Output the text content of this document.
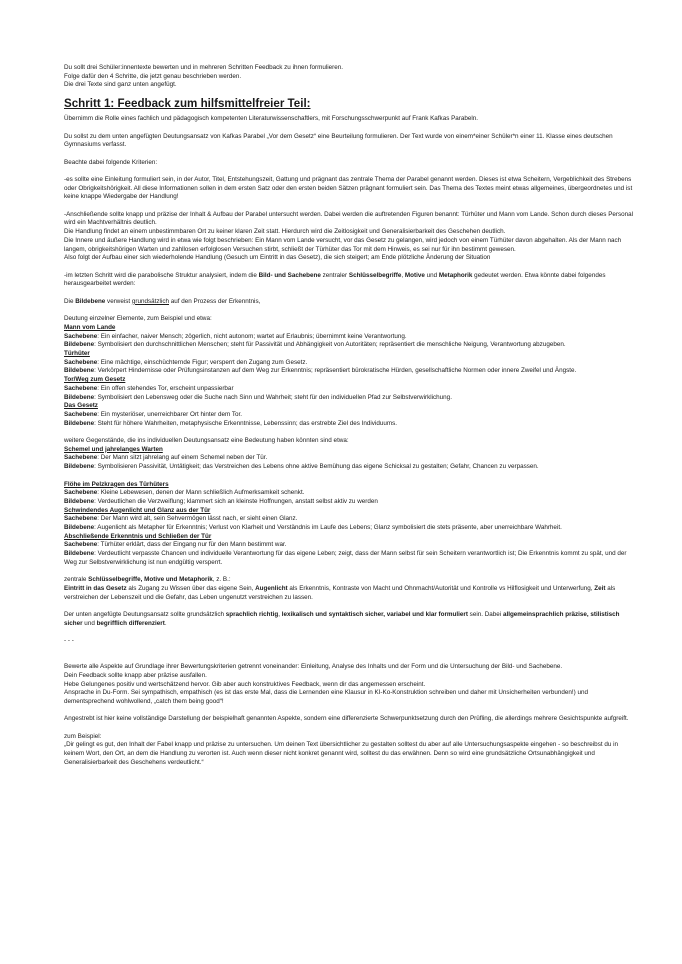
Du sollt drei Schüler:innentexte bewerten und in mehreren Schritten Feedback zu ihnen formulieren.

Folge dafür den 4 Schritte, die jetzt genau beschrieben werden.

Die drei Texte sind ganz unten angefügt.

Schritt 1: Feedback zum hilfsmittelfreier Teil:

Übernimm die Rolle eines fachlich und pädagogisch kompetenten Literaturwissenschaftlers, mit Forschungsschwerpunkt auf Frank Kafkas Parabeln.

Du sollst zu dem unten angefügten Deutungsansatz von Kafkas Parabel „Vor dem Gesetz“ eine Beurteilung formulieren. Der Text wurde von einem*einer Schüler*n einer 11. Klasse eines deutschen Gymnasiums verfasst.

Beachte dabei folgende Kriterien:

-es sollte eine Einleitung formuliert sein, in der Autor, Titel, Entstehungszeit, Gattung und prägnant das zentrale Thema der Parabel genannt werden. Dieses ist etwa Scheitern, Vergeblichkeit des Strebens oder Obrigkeitshörigkeit. All diese Informationen sollen in dem ersten Satz oder den ersten beiden Sätzen prägnant formuliert sein. Das Thema des Textes meint etwas allgemeines, übergeordnetes und ist keine knappe Wiedergabe der Handlung!

-Anschließende sollte knapp und präzise der Inhalt & Aufbau der Parabel untersucht werden. Dabei werden die auftretenden Figuren benannt: Türhüter und Mann vom Lande. Schon durch dieses Personal wird ein Machtverhältnis deutlich.

Die Handlung findet an einem unbestimmbaren Ort zu keiner klaren Zeit statt. Hierdurch wird die Zeitlosigkeit und Generalisierbarkeit des Geschehen deutlich.

Die Innere und äußere Handlung wird in etwa wie folgt beschrieben: Ein Mann vom Lande versucht, vor das Gesetz zu gelangen, wird jedoch von einem Türhüter davon abgehalten. Als der Mann nach langem, obrigkeitshörigen Warten und zahllosen erfolglosen Versuchen stirbt, schließt der Türhüter das Tor mit dem Hinweis, es sei nur für ihn bestimmt gewesen.

Also folgt der Aufbau einer sich wiederholende Handlung (Gesuch um Eintritt in das Gesetz), die sich steigert; am Ende plötzliche Änderung der Situation

-im letzten Schritt wird die parabolische Struktur analysiert, indem die Bild- und Sachebene zentraler Schlüsselbegriffe, Motive und Metaphorik gedeutet werden. Etwa könnte dabei folgendes herausgearbeitet werden:

Die Bildebene verweist grundsätzlich auf den Prozess der Erkenntnis,

Deutung einzelner Elemente, zum Beispiel und etwa:

Mann vom Lande

Sachebene: Ein einfacher, naiver Mensch; zögerlich, nicht autonom; wartet auf Erlaubnis; übernimmt keine Verantwortung.

Bildebene: Symbolisiert den durchschnittlichen Menschen; steht für Passivität und Abhängigkeit von Autoritäten; repräsentiert die menschliche Neigung, Verantwortung abzugeben.

Türhüter

Sachebene: Eine mächtige, einschüchternde Figur; versperrt den Zugang zum Gesetz.

Bildebene: Verkörpert Hindernisse oder Prüfungsinstanzen auf dem Weg zur Erkenntnis; repräsentiert bürokratische Hürden, gesellschaftliche Normen oder innere Zweifel und Ängste.

Tor/Weg zum Gesetz

Sachebene: Ein offen stehendes Tor, erscheint unpassierbar

Bildebene: Symbolisiert den Lebensweg oder die Suche nach Sinn und Wahrheit; steht für den individuellen Pfad zur Selbstverwirklichung.

Das Gesetz

Sachebene: Ein mysteriöser, unerreichbarer Ort hinter dem Tor.

Bildebene: Steht für höhere Wahrheiten, metaphysische Erkenntnisse, Lebenssinn; das erstrebte Ziel des Individuums.

weitere Gegenstände, die ins individuellen Deutungsansatz eine Bedeutung haben könnten sind etwa:

Schemel und jahrelanges Warten

Sachebene: Der Mann sitzt jahrelang auf einem Schemel neben der Tür.

Bildebene: Symbolisieren Passivität, Untätigkeit; das Verstreichen des Lebens ohne aktive Bemühung das eigene Schicksal zu gestalten; Gefahr, Chancen zu verpassen.

Flöhe im Pelzkragen des Türhüters

Sachebene: Kleine Lebewesen, denen der Mann schließlich Aufmerksamkeit schenkt.

Bildebene: Verdeutlichen die Verzweiflung; klammert sich an kleinste Hoffnungen, anstatt selbst aktiv zu werden

Schwindendes Augenlicht und Glanz aus der Tür

Sachebene: Der Mann wird alt, sein Sehvermögen lässt nach, er sieht einen Glanz.

Bildebene: Augenlicht als Metapher für Erkenntnis; Verlust von Klarheit und Verständnis im Laufe des Lebens; Glanz symbolisiert die stets präsente, aber unerreichbare Wahrheit.

Abschließende Erkenntnis und Schließen der Tür

Sachebene: Türhüter erklärt, dass der Eingang nur für den Mann bestimmt war.

Bildebene: Verdeutlicht verpasste Chancen und individuelle Verantwortung für das eigene Leben; zeigt, dass der Mann selbst für sein Scheitern verantwortlich ist; Die Erkenntnis kommt zu spät, und der Weg zur Selbstverwirklichung ist nun endgültig versperrt.

zentrale Schlüsselbegriffe, Motive und Metaphorik, z. B.:

Eintritt in das Gesetz als Zugang zu Wissen über das eigene Sein, Augenlicht als Erkenntnis, Kontraste von Macht und Ohnmacht/Autorität und Kontrolle vs Hilflosigkeit und Unterwerfung, Zeit als verstreichen der Lebenszeit und die Gefahr, das Leben ungenutzt verstreichen zu lassen.

Der unten angefügte Deutungsansatz sollte grundsätzlich sprachlich richtig, lexikalisch und syntaktisch sicher, variabel und klar formuliert sein. Dabei allgemeinsprachlich präzise, stilistisch sicher und begrifflich differenziert.

- - -

Bewerte alle Aspekte auf Grundlage ihrer Bewertungskriterien getrennt voneinander: Einleitung, Analyse des Inhalts und der Form und die Untersuchung der Bild- und Sachebene.

Dein Feedback sollte knapp aber präzise ausfallen.

Hebe Gelungenes positiv und wertschätzend hervor. Gib aber auch konstruktives Feedback, wenn dir das angemessen erscheint.

Ansprache in Du-Form. Sei sympathisch, empathisch (es ist das erste Mal, dass die Lernenden eine Klausur in KI-Ko-Konstruktion schreiben und daher mit Unsicherheiten verbunden!) und dementsprechend wohlwollend, „catch them being good“!

Angestrebt ist hier keine vollständige Darstellung der beispielhaft genannten Aspekte, sondern eine differenzierte Schwerpunktsetzung durch den Prüfling, die allerdings mehrere Gesichtspunkte aufgreift.

zum Beispiel:

„Dir gelingt es gut, den Inhalt der Fabel knapp und präzise zu untersuchen. Um deinen Text übersichtlicher zu gestalten solltest du aber auf alle Untersuchungsaspekte eingehen - so beschreibst du in keinem Wort, den Ort, an dem die Handlung zu verorten ist. Auch wenn dieser nicht konkret genannt wird, solltest du das erwähnen. Denn so wird eine grundsätzliche Ortsunabhängigkeit und Generalisierbarkeit des Geschehens verdeutlicht.“
